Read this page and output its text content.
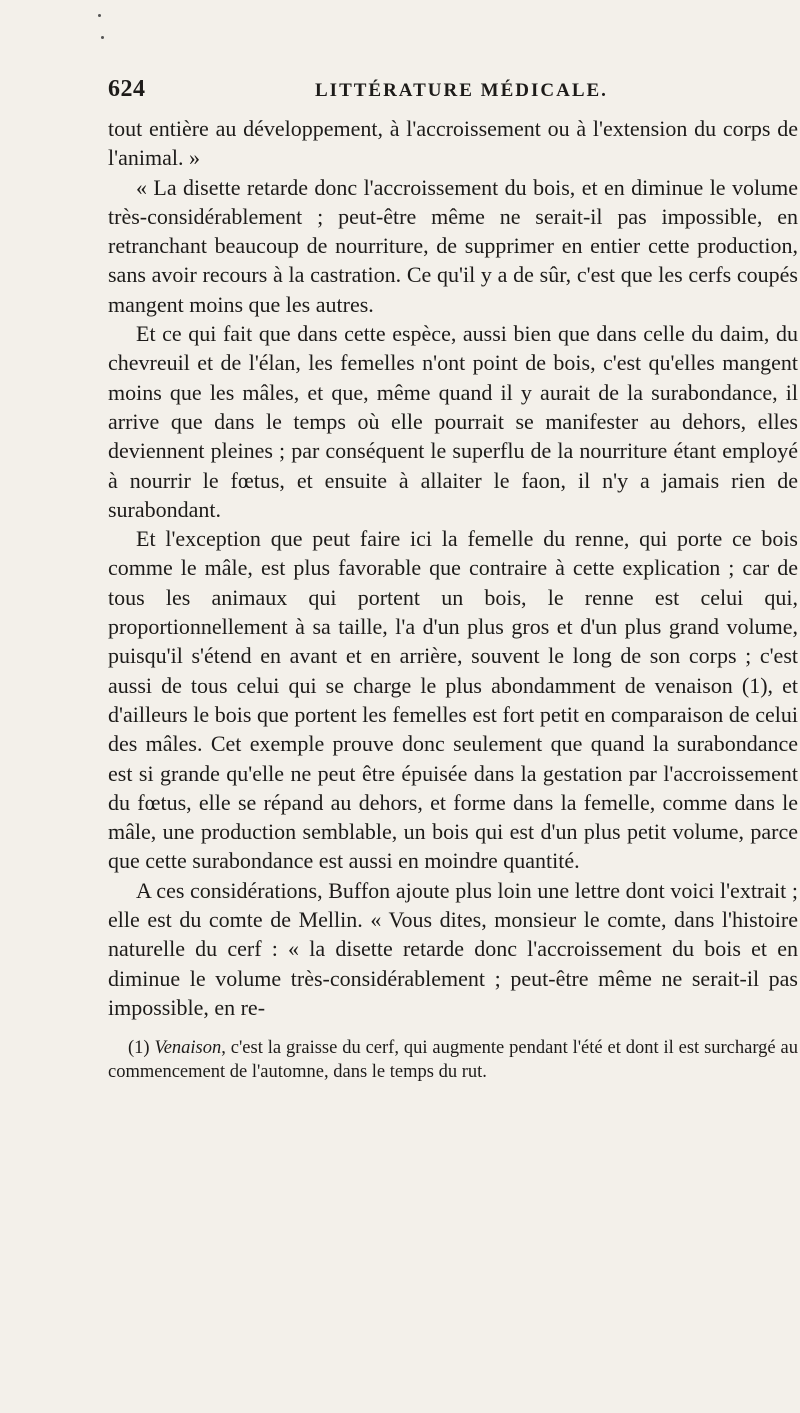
624	LITTÉRATURE MÉDICALE.

tout entière au développement, à l'accroissement ou à l'extension du corps de l'animal. »

« La disette retarde donc l'accroissement du bois, et en diminue le volume très-considérablement ; peut-être même ne serait-il pas impossible, en retranchant beaucoup de nourriture, de supprimer en entier cette production, sans avoir recours à la castration. Ce qu'il y a de sûr, c'est que les cerfs coupés mangent moins que les autres.

Et ce qui fait que dans cette espèce, aussi bien que dans celle du daim, du chevreuil et de l'élan, les femelles n'ont point de bois, c'est qu'elles mangent moins que les mâles, et que, même quand il y aurait de la surabondance, il arrive que dans le temps où elle pourrait se manifester au dehors, elles deviennent pleines ; par conséquent le superflu de la nourriture étant employé à nourrir le fœtus, et ensuite à allaiter le faon, il n'y a jamais rien de surabondant.

Et l'exception que peut faire ici la femelle du renne, qui porte ce bois comme le mâle, est plus favorable que contraire à cette explication ; car de tous les animaux qui portent un bois, le renne est celui qui, proportionnellement à sa taille, l'a d'un plus gros et d'un plus grand volume, puisqu'il s'étend en avant et en arrière, souvent le long de son corps ; c'est aussi de tous celui qui se charge le plus abondamment de venaison (1), et d'ailleurs le bois que portent les femelles est fort petit en comparaison de celui des mâles. Cet exemple prouve donc seulement que quand la surabondance est si grande qu'elle ne peut être épuisée dans la gestation par l'accroissement du fœtus, elle se répand au dehors, et forme dans la femelle, comme dans le mâle, une production semblable, un bois qui est d'un plus petit volume, parce que cette surabondance est aussi en moindre quantité.

A ces considérations, Buffon ajoute plus loin une lettre dont voici l'extrait ; elle est du comte de Mellin. « Vous dites, monsieur le comte, dans l'histoire naturelle du cerf : « la disette retarde donc l'accroissement du bois et en diminue le volume très-considérablement ; peut-être même ne serait-il pas impossible, en re-

(1) Venaison, c'est la graisse du cerf, qui augmente pendant l'été et dont il est surchargé au commencement de l'automne, dans le temps du rut.
